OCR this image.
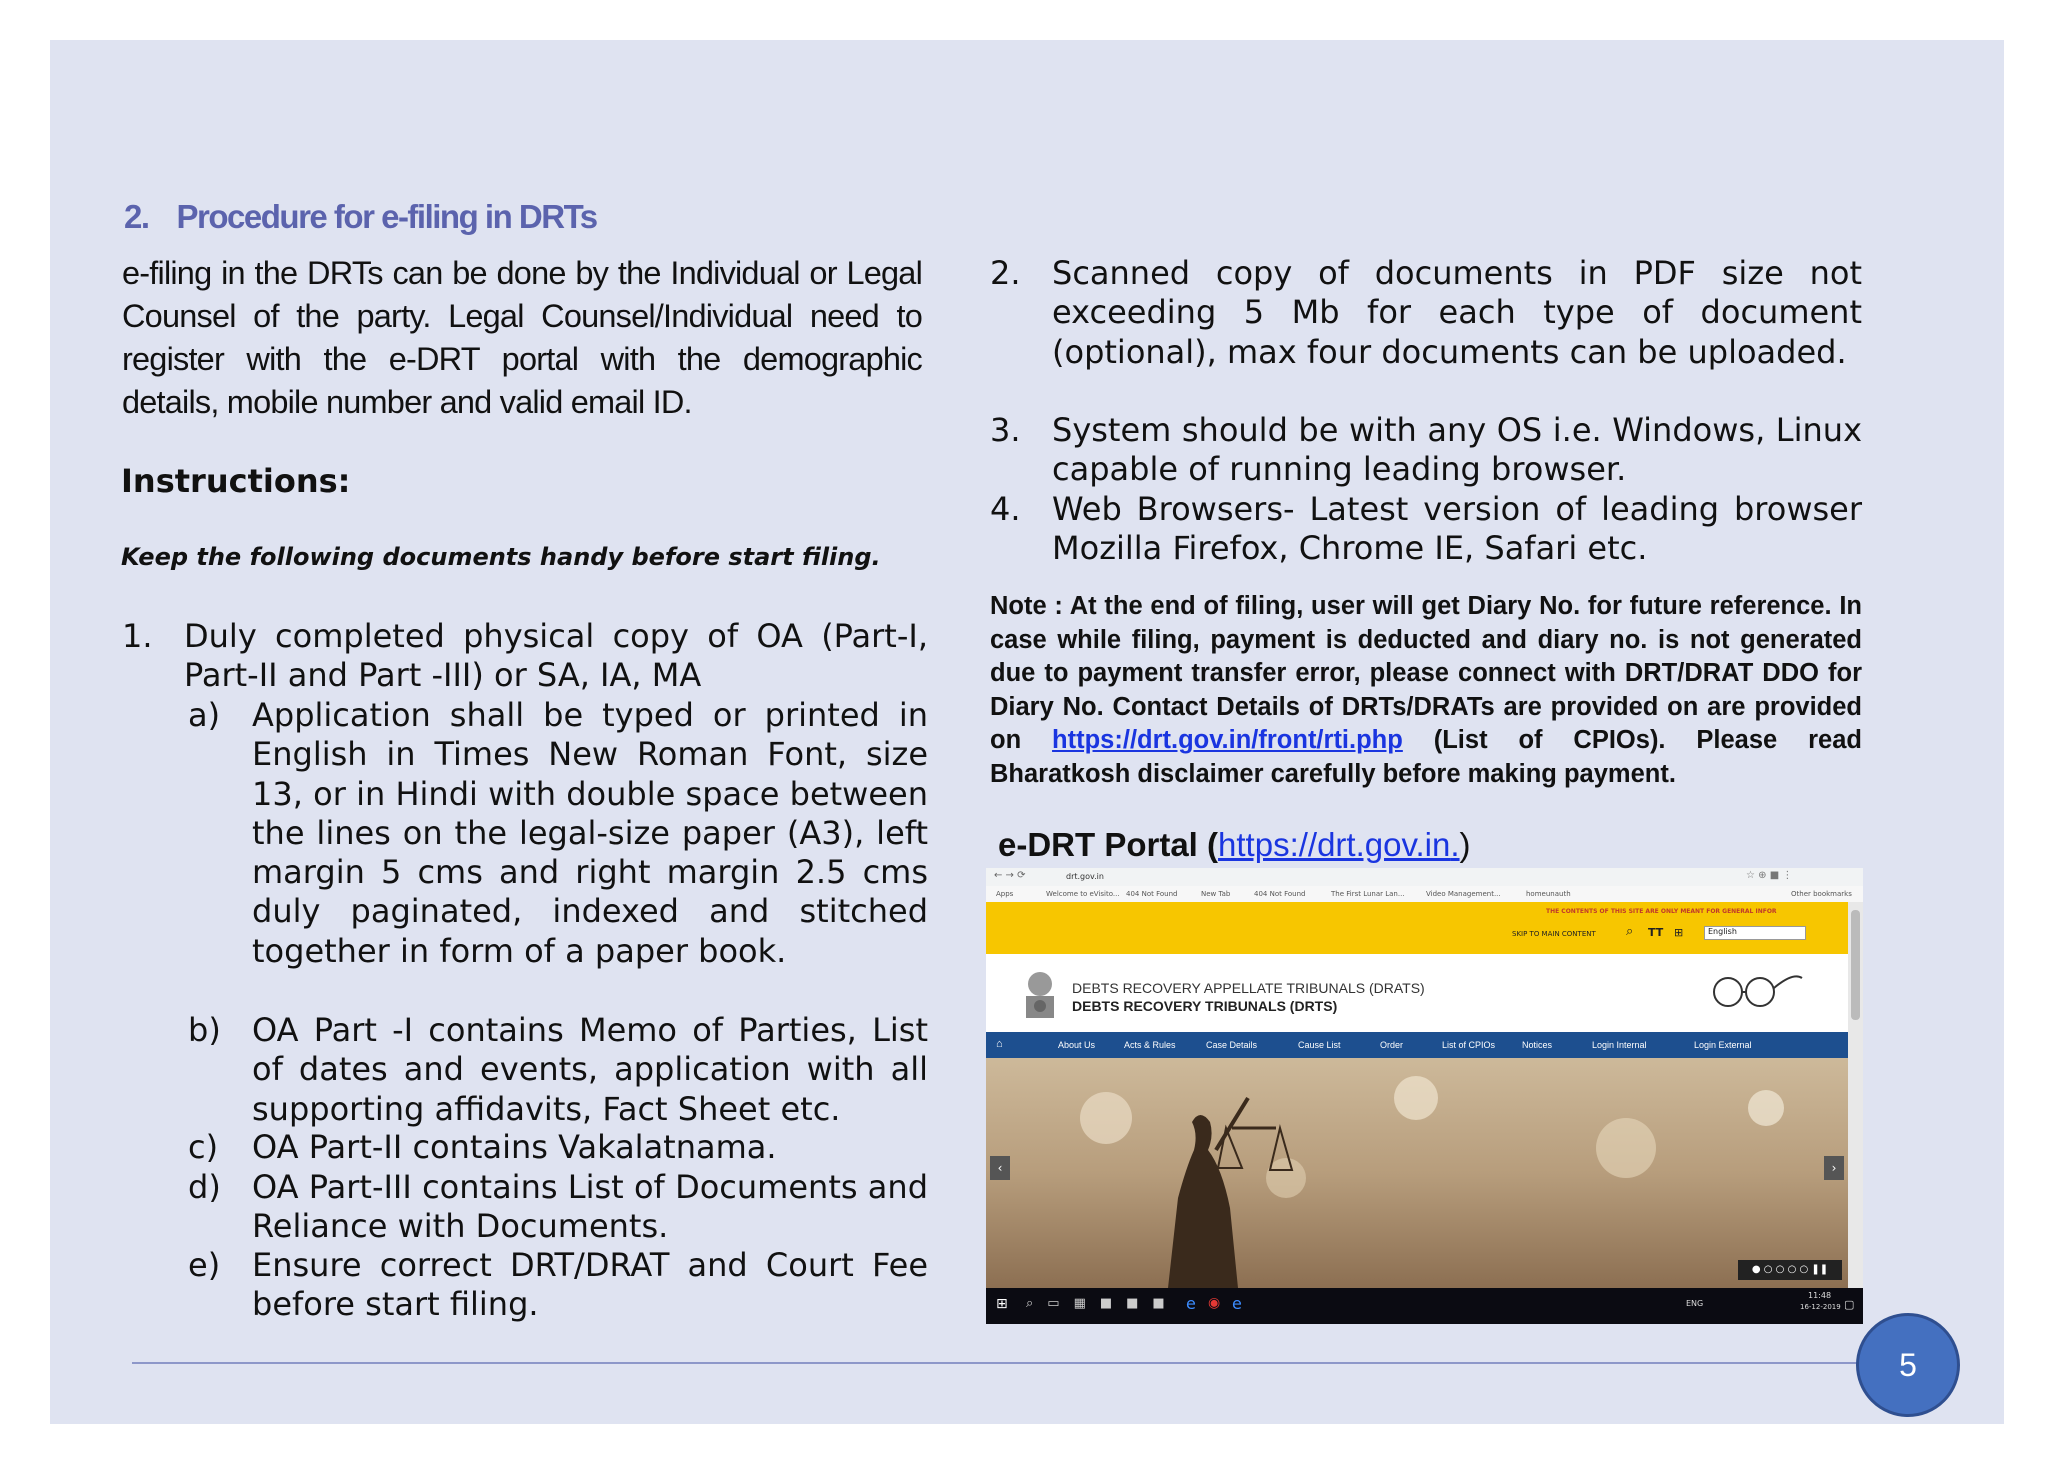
2. Procedure for e-filing in DRTs
e-filing in the DRTs can be done by the Individual or Legal Counsel of the party. Legal Counsel/Individual need to register with the e-DRT portal with the demographic details, mobile number and valid email ID.
Instructions:
Keep the following documents handy before start filing.
1. Duly completed physical copy of OA (Part-I, Part-II and Part -III) or SA, IA, MA
a) Application shall be typed or printed in English in Times New Roman Font, size 13, or in Hindi with double space between the lines on the legal-size paper (A3), left margin 5 cms and right margin 2.5 cms duly paginated, indexed and stitched together in form of a paper book.
b) OA Part -I contains Memo of Parties, List of dates and events, application with all supporting affidavits, Fact Sheet etc.
c) OA Part-II contains Vakalatnama.
d) OA Part-III contains List of Documents and Reliance with Documents.
e) Ensure correct DRT/DRAT and Court Fee before start filing.
2. Scanned copy of documents in PDF size not exceeding 5 Mb for each type of document (optional), max four documents can be uploaded.
3. System should be with any OS i.e. Windows, Linux capable of running leading browser.
4. Web Browsers- Latest version of leading browser Mozilla Firefox, Chrome IE, Safari etc.
Note : At the end of filing, user will get Diary No. for future reference. In case while filing, payment is deducted and diary no. is not generated due to payment transfer error, please connect with DRT/DRAT DDO for Diary No. Contact Details of DRTs/DRATs are provided on are provided on https://drt.gov.in/front/rti.php (List of CPIOs). Please read Bharatkosh disclaimer carefully before making payment.
e-DRT Portal (https://drt.gov.in.)
← → ⟳	drt.gov.in	☆ ⊕ ■ ⋮
Apps	Welcome to eVisito... 404 Not Found	New Tab	404 Not Found	The First Lunar Lan...	Video Management...	homeunauth	Other bookmarks
THE CONTENTS OF THIS SITE ARE ONLY MEANT FOR GENERAL INFOR
SKIP TO MAIN CONTENT ⌕ TT ⊞	English
DEBTS RECOVERY APPELLATE TRIBUNALS (DRATS)
DEBTS RECOVERY TRIBUNALS (DRTS)
⌂	About Us	Acts & Rules	Case Details	Cause List	Order	List of CPIOs	Notices	Login Internal	Login External
‹	›
● ○ ○ ○ ○ ❚❚
⊞ ⌕▭▦■■■ e ◉ e	ENG
11:48
16-12-2019 ▢
5
